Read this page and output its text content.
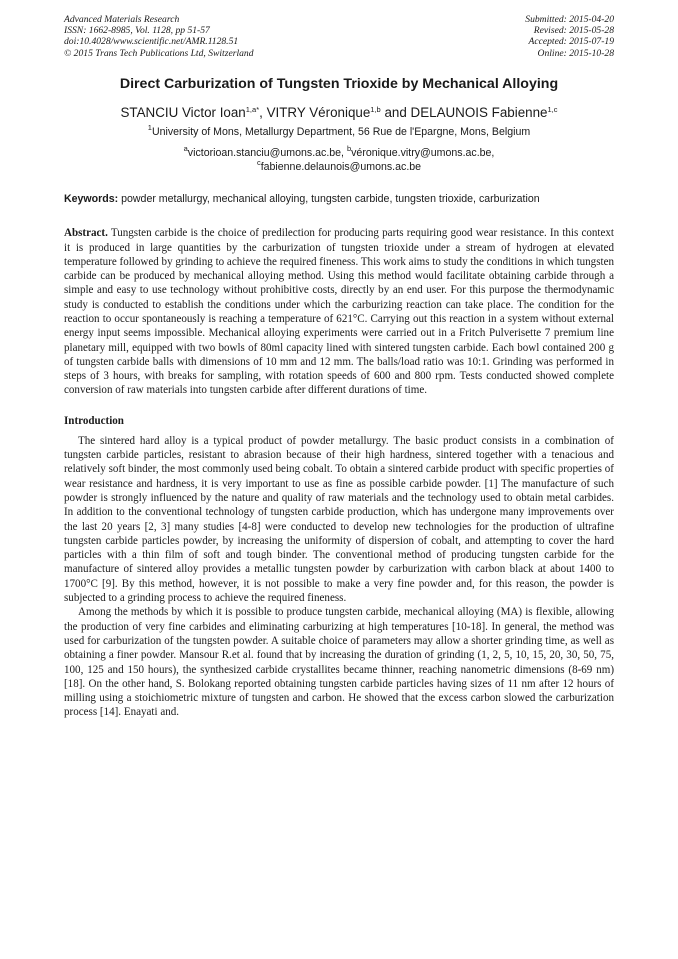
Advanced Materials Research
ISSN: 1662-8985, Vol. 1128, pp 51-57
doi:10.4028/www.scientific.net/AMR.1128.51
© 2015 Trans Tech Publications Ltd, Switzerland
Submitted: 2015-04-20
Revised: 2015-05-28
Accepted: 2015-07-19
Online: 2015-10-28
Direct Carburization of Tungsten Trioxide by Mechanical Alloying
STANCIU Victor Ioan$^{1,a*}$, VITRY Véronique$^{1,b}$ and DELAUNOIS Fabienne$^{1,c}$
$^1$University of Mons, Metallurgy Department, 56 Rue de l'Epargne, Mons, Belgium
$^a$victorioan.stanciu@umons.ac.be, $^b$véronique.vitry@umons.ac.be,
$^c$fabienne.delaunois@umons.ac.be
Keywords: powder metallurgy, mechanical alloying, tungsten carbide, tungsten trioxide, carburization
Abstract. Tungsten carbide is the choice of predilection for producing parts requiring good wear resistance. In this context it is produced in large quantities by the carburization of tungsten trioxide under a stream of hydrogen at elevated temperature followed by grinding to achieve the required fineness. This work aims to study the conditions in which tungsten carbide can be produced by mechanical alloying method. Using this method would facilitate obtaining carbide through a simple and easy to use technology without prohibitive costs, directly by an end user. For this purpose the thermodynamic study is conducted to establish the conditions under which the carburizing reaction can take place. The condition for the reaction to occur spontaneously is reaching a temperature of 621°C. Carrying out this reaction in a system without external energy input seems impossible. Mechanical alloying experiments were carried out in a Fritch Pulverisette 7 premium line planetary mill, equipped with two bowls of 80ml capacity lined with sintered tungsten carbide. Each bowl contained 200 g of tungsten carbide balls with dimensions of 10 mm and 12 mm. The balls/load ratio was 10:1. Grinding was performed in steps of 3 hours, with breaks for sampling, with rotation speeds of 600 and 800 rpm. Tests conducted showed complete conversion of raw materials into tungsten carbide after different durations of time.
Introduction

The sintered hard alloy is a typical product of powder metallurgy. The basic product consists in a combination of tungsten carbide particles, resistant to abrasion because of their high hardness, sintered together with a tenacious and relatively soft binder, the most commonly used being cobalt. To obtain a sintered carbide product with specific properties of wear resistance and hardness, it is very important to use as fine as possible carbide powder. [1] The manufacture of such powder is strongly influenced by the nature and quality of raw materials and the technology used to obtain metal carbides. In addition to the conventional technology of tungsten carbide production, which has undergone many improvements over the last 20 years [2, 3] many studies [4-8] were conducted to develop new technologies for the production of ultrafine tungsten carbide particles powder, by increasing the uniformity of dispersion of cobalt, and attempting to cover the hard particles with a thin film of soft and tough binder. The conventional method of producing tungsten carbide for the manufacture of sintered alloy provides a metallic tungsten powder by carburization with carbon black at about 1400 to 1700°C [9]. By this method, however, it is not possible to make a very fine powder and, for this reason, the powder is subjected to a grinding process to achieve the required fineness.

Among the methods by which it is possible to produce tungsten carbide, mechanical alloying (MA) is flexible, allowing the production of very fine carbides and eliminating carburizing at high temperatures [10-18]. In general, the method was used for carburization of the tungsten powder. A suitable choice of parameters may allow a shorter grinding time, as well as obtaining a finer powder. Mansour R.et al. found that by increasing the duration of grinding (1, 2, 5, 10, 15, 20, 30, 50, 75, 100, 125 and 150 hours), the synthesized carbide crystallites became thinner, reaching nanometric dimensions (8-69 nm) [18]. On the other hand, S. Bolokang reported obtaining tungsten carbide particles having sizes of 11 nm after 12 hours of milling using a stoichiometric mixture of tungsten and carbon. He showed that the excess carbon slowed the carburization process [14]. Enayati and.
